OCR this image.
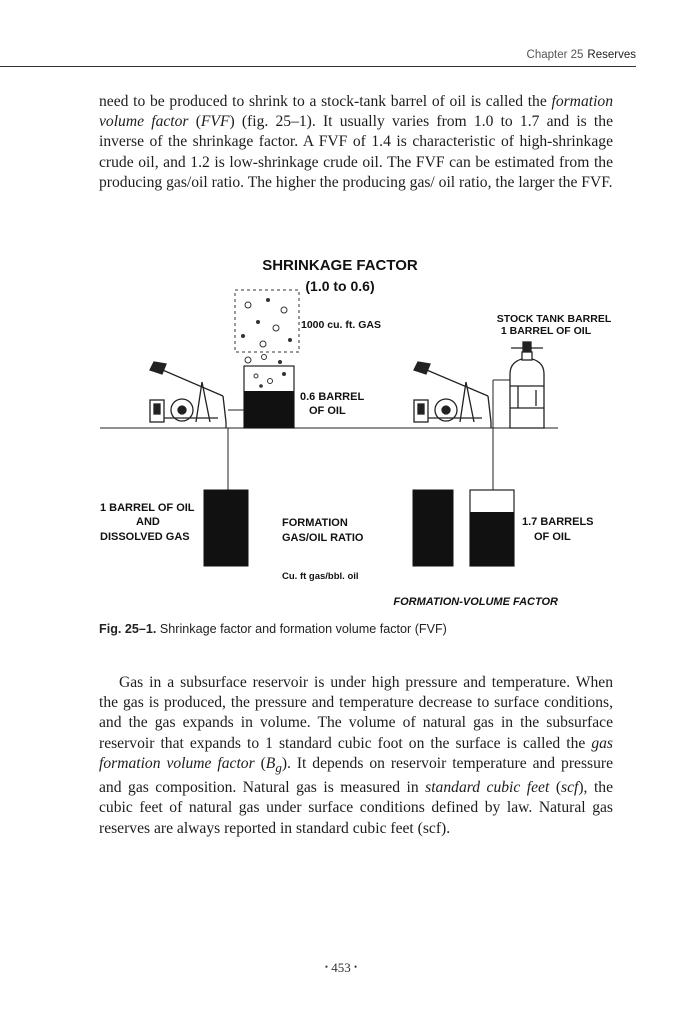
Chapter 25 Reserves

need to be produced to shrink to a stock-tank barrel of oil is called the formation volume factor (FVF) (fig. 25–1). It usually varies from 1.0 to 1.7 and is the inverse of the shrinkage factor. A FVF of 1.4 is characteristic of high-shrinkage crude oil, and 1.2 is low-shrinkage crude oil. The FVF can be estimated from the producing gas/oil ratio. The higher the producing gas/ oil ratio, the larger the FVF.

SHRINKAGE FACTOR
(1.0 to 0.6)
1000 cu. ft. GAS
0.6 BARREL
OF OIL
1 BARREL OF OIL
AND
DISSOLVED GAS
FORMATION
GAS/OIL RATIO
Cu. ft gas/bbl. oil
STOCK TANK BARREL
1 BARREL OF OIL
1.7 BARRELS
OF OIL
FORMATION-VOLUME FACTOR
Fig. 25–1. Shrinkage factor and formation volume factor (FVF)

Gas in a subsurface reservoir is under high pressure and temperature. When the gas is produced, the pressure and temperature decrease to surface conditions, and the gas expands in volume. The volume of natural gas in the subsurface reservoir that expands to 1 standard cubic foot on the surface is called the gas formation volume factor $(B_g)$. It depends on reservoir temperature and pressure and gas composition. Natural gas is measured in standard cubic feet (scf), the cubic feet of natural gas under surface conditions defined by law. Natural gas reserves are always reported in standard cubic feet (scf).

• 453 •
